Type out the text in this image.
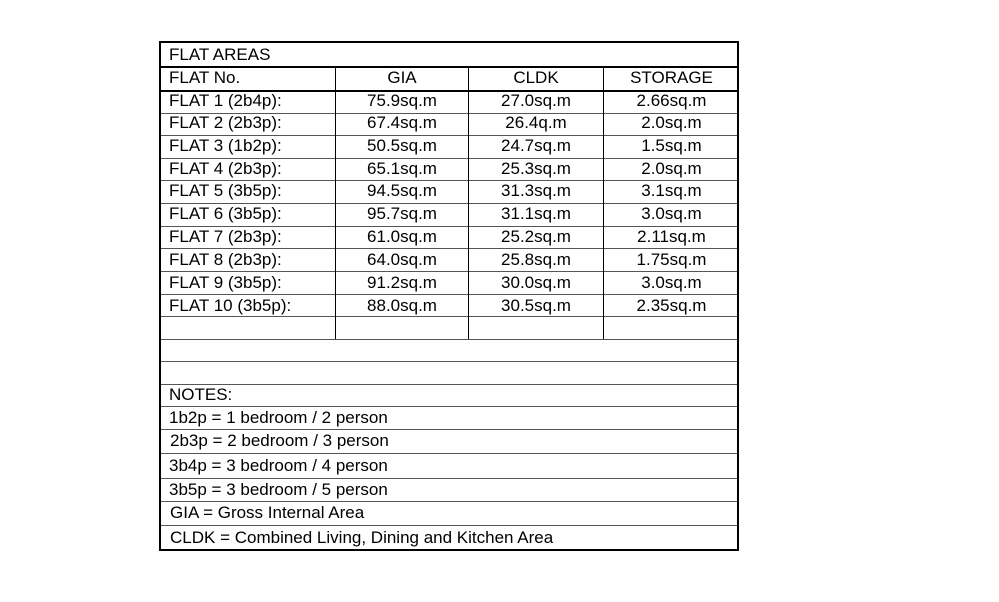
FLAT AREAS
FLAT No.	GIA	CLDK	STORAGE
FLAT 1 (2b4p):	75.9sq.m	27.0sq.m	2.66sq.m
FLAT 2 (2b3p):	67.4sq.m	26.4q.m	2.0sq.m
FLAT 3 (1b2p):	50.5sq.m	24.7sq.m	1.5sq.m
FLAT 4 (2b3p):	65.1sq.m	25.3sq.m	2.0sq.m
FLAT 5 (3b5p):	94.5sq.m	31.3sq.m	3.1sq.m
FLAT 6 (3b5p):	95.7sq.m	31.1sq.m	3.0sq.m
FLAT 7 (2b3p):	61.0sq.m	25.2sq.m	2.11sq.m
FLAT 8 (2b3p):	64.0sq.m	25.8sq.m	1.75sq.m
FLAT 9 (3b5p):	91.2sq.m	30.0sq.m	3.0sq.m
FLAT 10 (3b5p):	88.0sq.m	30.5sq.m	2.35sq.m
NOTES:
1b2p = 1 bedroom / 2 person
2b3p = 2 bedroom / 3 person
3b4p = 3 bedroom / 4 person
3b5p = 3 bedroom / 5 person
GIA = Gross Internal Area
CLDK = Combined Living, Dining and Kitchen Area
